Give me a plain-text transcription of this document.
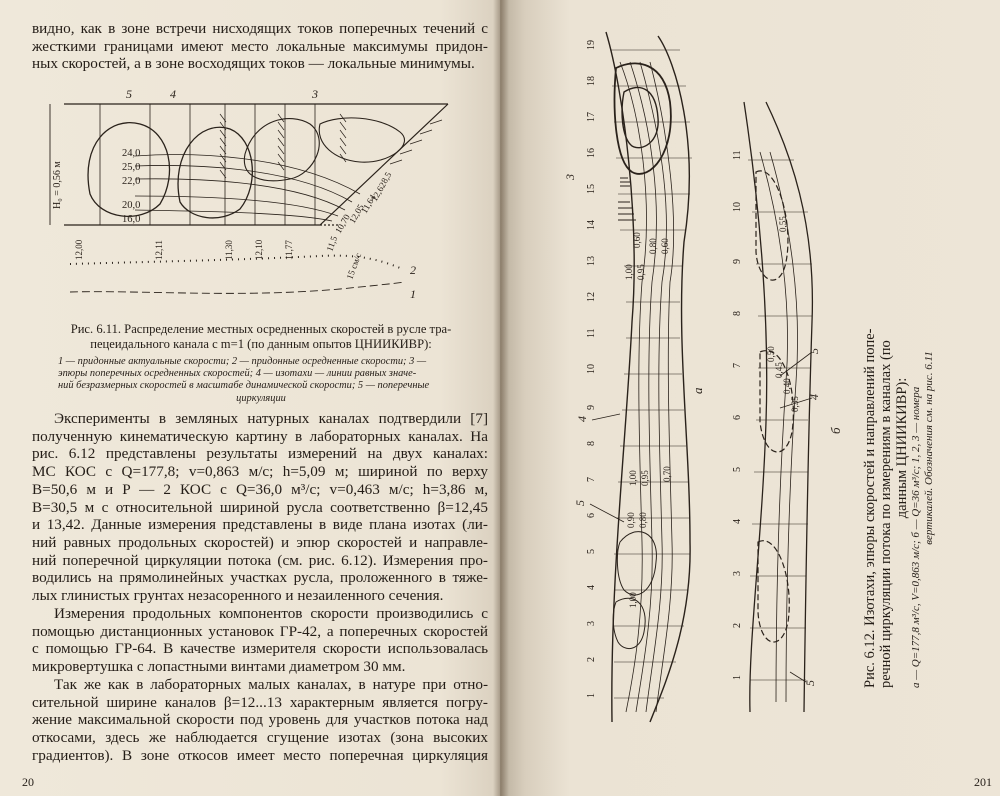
видно, как в зоне встречи нисходящих токов поперечных течений с
жесткими границами имеют место локальные максимумы придон-
ных скоростей, а в зоне восходящих токов — локальные минимумы.
5	4	3
2
1
H₀ = 0,56 м
24,0
25,0
22,0
20,0
16,0
12,62
11,64
12,05
10,70
11,5
15 см/с
8,5
12,00	12,11	11,30 12,10 11,77
Рис. 6.11. Распределение местных осредненных скоростей в русле тра-
пецеидального канала с m=1 (по данным опытов ЦНИИКИВР):
1 — придонные актуальные скорости; 2 — придонные осредненные скорости; 3 —
эпюры поперечных осредненных скоростей; 4 — изотахи — линии равных значе-
ний безразмерных скоростей в масштабе динамической скорости; 5 — поперечные
циркуляции
Эксперименты в земляных натурных каналах подтвердили [7]
полученную кинематическую картину в лабораторных каналах. На
рис. 6.12 представлены результаты измерений на двух каналах:
МС КОС с Q=177,8; v=0,863 м/с; h=5,09 м; шириной по верху
B=50,6 м и P — 2 КОС с Q=36,0 м³/с; v=0,463 м/с; h=3,86 м,
B=30,5 м с относительной шириной русла соответственно β=12,45
и 13,42. Данные измерения представлены в виде плана изотах (ли-
ний равных продольных скоростей) и эпюр скоростей и направле-
ний поперечной циркуляции потока (см. рис. 6.12). Измерения про-
водились на прямолинейных участках русла, проложенного в тяже-
лых глинистых грунтах незасоренного и незаиленного сечения.
Измерения продольных компонентов скорости производились с
помощью дистанционных установок ГР-42, а поперечных скоростей
с помощью ГР-64. В качестве измерителя скорости использовалась
микровертушка с лопастными винтами диаметром 30 мм.
Так же как в лабораторных малых каналах, в натуре при отно-
сительной ширине каналов β=12...13 характерным является погру-
жение максимальной скорости под уровень для участков потока над
откосами, здесь же наблюдается сгущение изотах (зона высоких
градиентов). В зоне откосов имеет место поперечная циркуляция
20
1
2
3
4
5
6
7
8
9
10
11
12
13
14
15
16
17
18
19
1
2
3
4
5
6
7
8
9
10
11
3
4
5
5
4
5
1,00 0,95
0,80 0,60
1,00 0,95 0,70
0,90 0,80
0,60
1,00
0,55
0,50
0,45
0,40
0,35
а
б Рис. 6.12. Изотахи, эпюры скоростей и направлений попе- речной циркуляции потока по измерениям в каналах (по данным ЦНИИКИВР): а — Q=177,8 м³/с, V=0,863 м/с; б — Q=36 м³/с; 1, 2, 3 — номера вертикалей. Обозначения см. на рис. 6.11
201
